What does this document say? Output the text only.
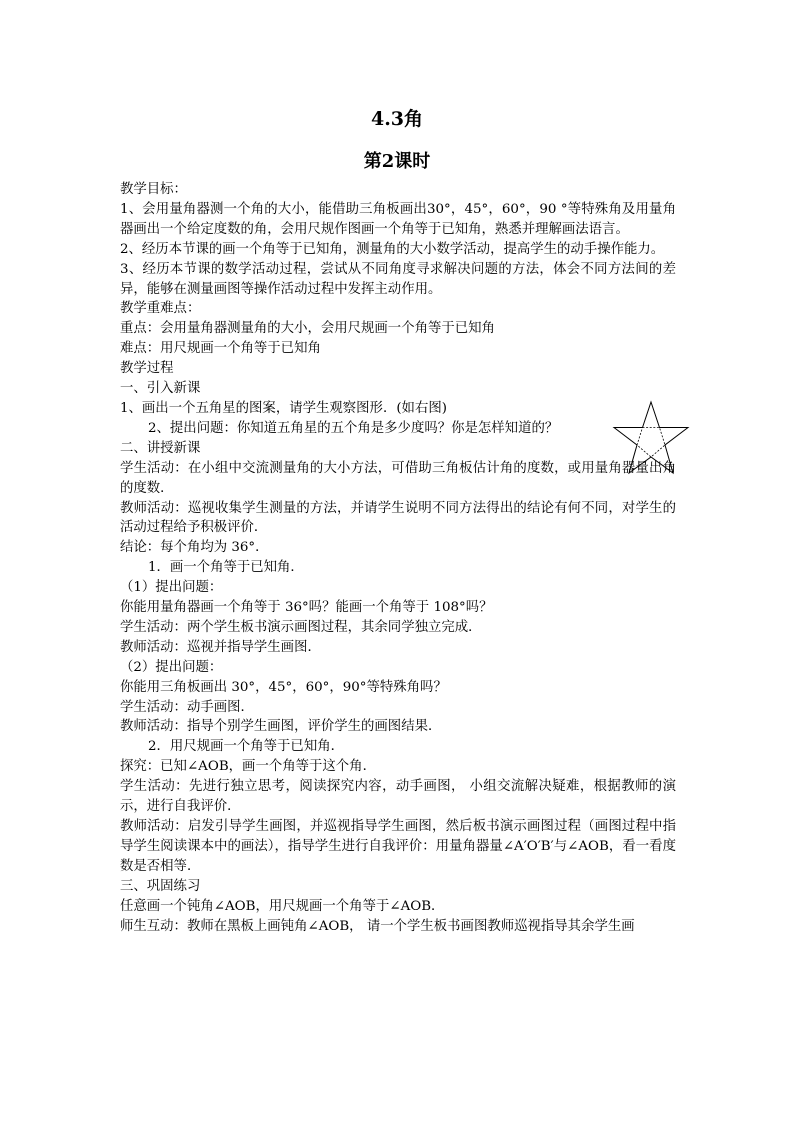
4.3角
第2课时

教学目标：

1、会用量角器测一个角的大小，能借助三角板画出30°，45°，60°，90 °等特殊角及用量角器画出一个给定度数的角，会用尺规作图画一个角等于已知角，熟悉并理解画法语言。

2、经历本节课的画一个角等于已知角，测量角的大小数学活动，提高学生的动手操作能力。

3、经历本节课的数学活动过程，尝试从不同角度寻求解决问题的方法，体会不同方法间的差异，能够在测量画图等操作活动过程中发挥主动作用。

教学重难点：

重点：会用量角器测量角的大小，会用尺规画一个角等于已知角

难点：用尺规画一个角等于已知角

教学过程

一、引入新课

1、画出一个五角星的图案，请学生观察图形．(如右图)

2、提出问题：你知道五角星的五个角是多少度吗？你是怎样知道的？

二、讲授新课

学生活动：在小组中交流测量角的大小方法，可借助三角板估计角的度数，或用量角器量出角的度数．

教师活动：巡视收集学生测量的方法，并请学生说明不同方法得出的结论有何不同，对学生的活动过程给予积极评价．

结论：每个角均为 36°．

1．画一个角等于已知角．

（1）提出问题：

你能用量角器画一个角等于 36°吗？能画一个角等于 108°吗？

学生活动：两个学生板书演示画图过程，其余同学独立完成．

教师活动：巡视并指导学生画图．

（2）提出问题：

你能用三角板画出 30°，45°，60°，90°等特殊角吗？

学生活动：动手画图．

教师活动：指导个别学生画图，评价学生的画图结果．

2．用尺规画一个角等于已知角．

探究：已知∠AOB，画一个角等于这个角．

学生活动：先进行独立思考，阅读探究内容，动手画图， 小组交流解决疑难，根据教师的演示，进行自我评价．

教师活动：启发引导学生画图，并巡视指导学生画图，然后板书演示画图过程（画图过程中指导学生阅读课本中的画法），指导学生进行自我评价：用量角器量∠A′O′B′与∠AOB，看一看度数是否相等．

三、巩固练习

任意画一个钝角∠AOB，用尺规画一个角等于∠AOB．

师生互动：教师在黑板上画钝角∠AOB， 请一个学生板书画图教师巡视指导其余学生画
